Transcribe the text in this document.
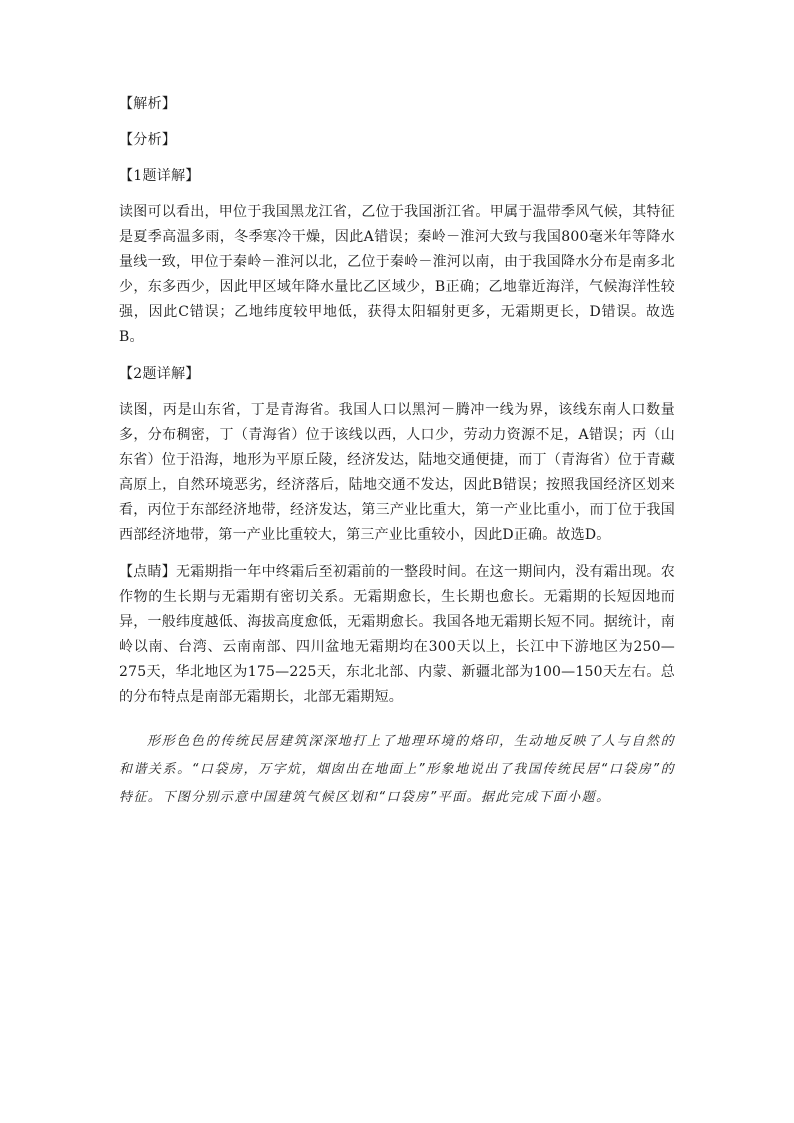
【解析】
【分析】
【1题详解】

读图可以看出，甲位于我国黑龙江省，乙位于我国浙江省。甲属于温带季风气候，其特征是夏季高温多雨，冬季寒冷干燥，因此A错误；秦岭－淮河大致与我国800毫米年等降水量线一致，甲位于秦岭－淮河以北，乙位于秦岭－淮河以南，由于我国降水分布是南多北少，东多西少，因此甲区域年降水量比乙区域少，B正确；乙地靠近海洋，气候海洋性较强，因此C错误；乙地纬度较甲地低，获得太阳辐射更多，无霜期更长，D错误。故选B。

【2题详解】

读图，丙是山东省，丁是青海省。我国人口以黑河－腾冲一线为界，该线东南人口数量多，分布稠密，丁（青海省）位于该线以西，人口少，劳动力资源不足，A错误；丙（山东省）位于沿海，地形为平原丘陵，经济发达，陆地交通便捷，而丁（青海省）位于青藏高原上，自然环境恶劣，经济落后，陆地交通不发达，因此B错误；按照我国经济区划来看，丙位于东部经济地带，经济发达，第三产业比重大，第一产业比重小，而丁位于我国西部经济地带，第一产业比重较大，第三产业比重较小，因此D正确。故选D。

【点睛】无霜期指一年中终霜后至初霜前的一整段时间。在这一期间内，没有霜出现。农作物的生长期与无霜期有密切关系。无霜期愈长，生长期也愈长。无霜期的长短因地而异，一般纬度越低、海拔高度愈低，无霜期愈长。我国各地无霜期长短不同。据统计，南岭以南、台湾、云南南部、四川盆地无霜期均在300天以上，长江中下游地区为250—275天，华北地区为175—225天，东北北部、内蒙、新疆北部为100—150天左右。总的分布特点是南部无霜期长，北部无霜期短。

形形色色的传统民居建筑深深地打上了地理环境的烙印，生动地反映了人与自然的和谐关系。“口袋房，万字炕，烟囱出在地面上”形象地说出了我国传统民居“口袋房”的特征。下图分别示意中国建筑气候区划和“口袋房”平面。据此完成下面小题。
